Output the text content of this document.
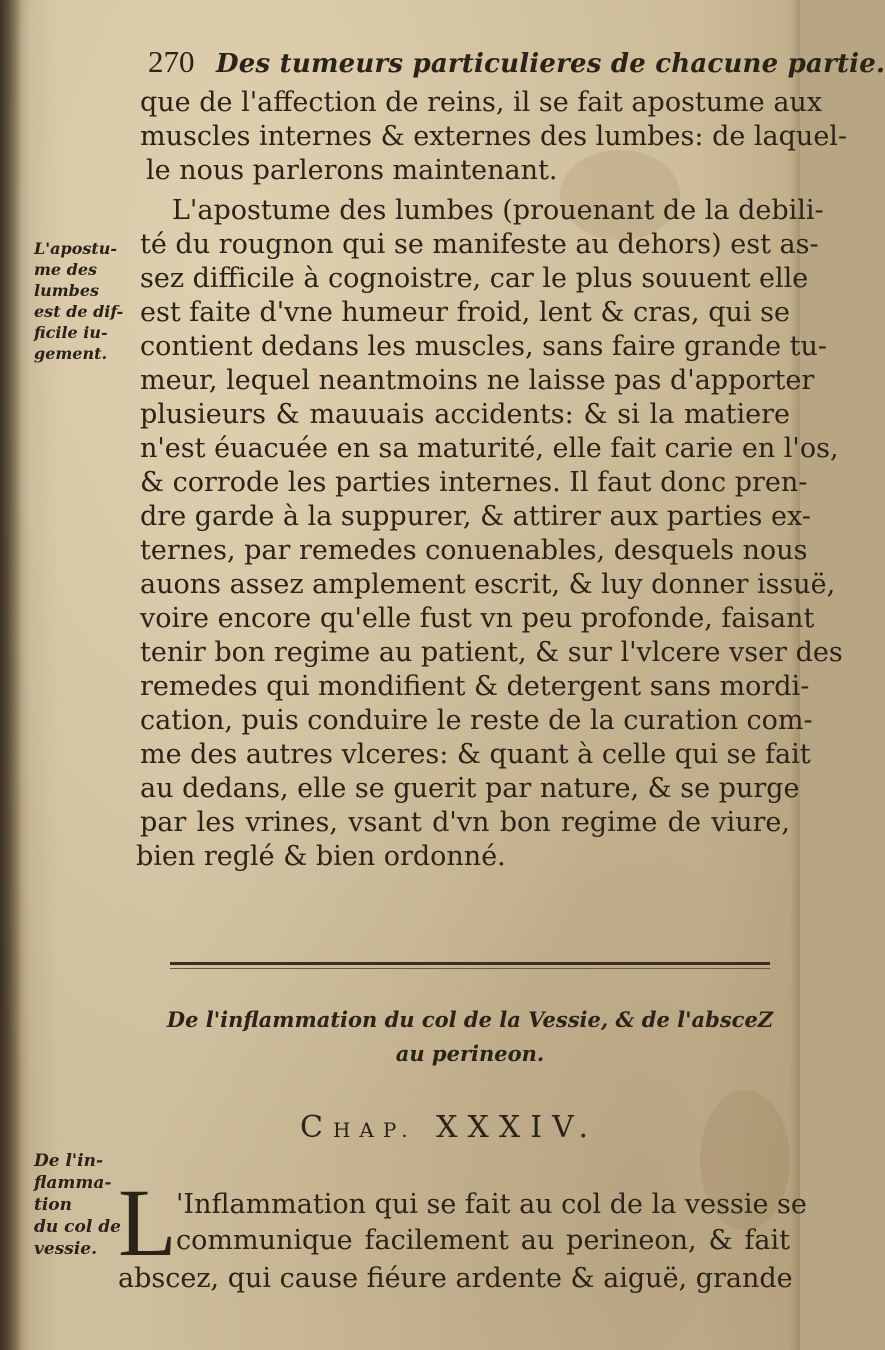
270 Des tumeurs particulieres de chacune partie.
que de l'affection de reins, il se fait apostume aux
muscles internes & externes des lumbes: de laquel-
le nous parlerons maintenant.
L'apostume des lumbes (prouenant de la debili-
té du rougnon qui se manifeste au dehors) est as-
sez difficile à cognoistre, car le plus souuent elle
est faite d'vne humeur froid, lent & cras, qui se
contient dedans les muscles, sans faire grande tu-
meur, lequel neantmoins ne laisse pas d'apporter
plusieurs & mauuais accidents: & si la matiere
n'est éuacuée en sa maturité, elle fait carie en l'os,
& corrode les parties internes. Il faut donc pren-
dre garde à la suppurer, & attirer aux parties ex-
ternes, par remedes conuenables, desquels nous
auons assez amplement escrit, & luy donner issuë,
voire encore qu'elle fust vn peu profonde, faisant
tenir bon regime au patient, & sur l'vlcere vser des
remedes qui mondifient & detergent sans mordi-
cation, puis conduire le reste de la curation com-
me des autres vlceres: & quant à celle qui se fait
au dedans, elle se guerit par nature, & se purge
par les vrines, vsant d'vn bon regime de viure,
bien reglé & bien ordonné.
L'apostu-
me des
lumbes
est de dif-
ficile iu-
gement.
De l'inflammation du col de la Vessie, & de l'absceZ
au perineon.
CHAP. XXXIV.
De l'in-
flamma-
tion
du col de
vessie. L 'Inflammation qui se fait au col de la vessie se
communique facilement au perineon, & fait
abscez, qui cause fiéure ardente & aiguë, grande
